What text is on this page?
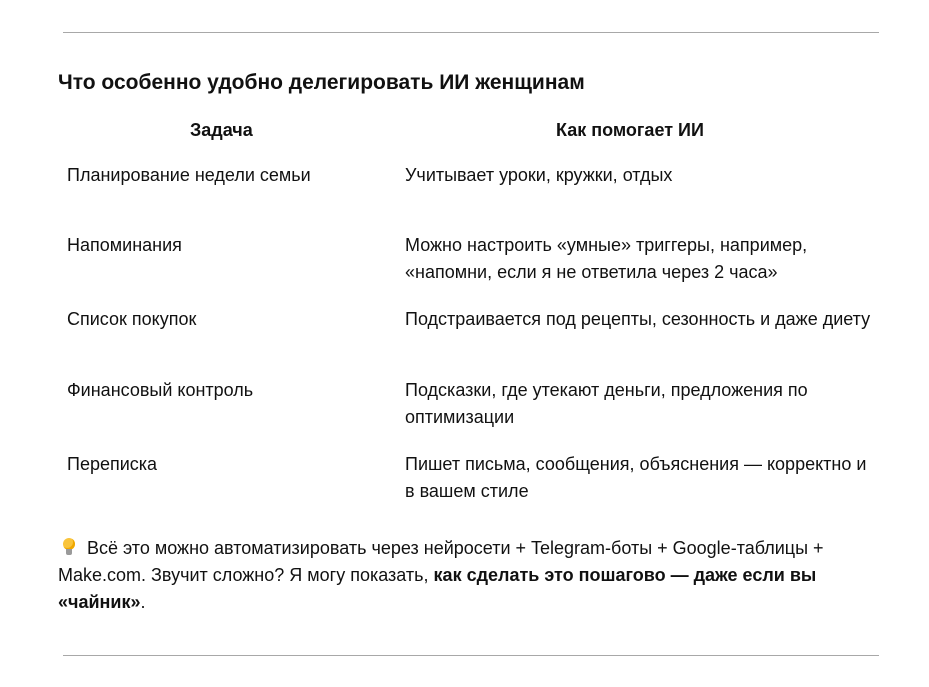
Что особенно удобно делегировать ИИ женщинам
Задача	Как помогает ИИ
Планирование недели семьи	Учитывает уроки, кружки, отдых
Напоминания	Можно настроить «умные» триггеры, например, «напомни, если я не ответила через 2 часа»
Список покупок	Подстраивается под рецепты, сезонность и даже диету
Финансовый контроль	Подсказки, где утекают деньги, предложения по оптимизации
Переписка	Пишет письма, сообщения, объяснения — корректно и в вашем стиле
Всё это можно автоматизировать через нейросети + Telegram-боты + Google-таблицы + Make.com. Звучит сложно? Я могу показать, как сделать это пошагово — даже если вы «чайник».
